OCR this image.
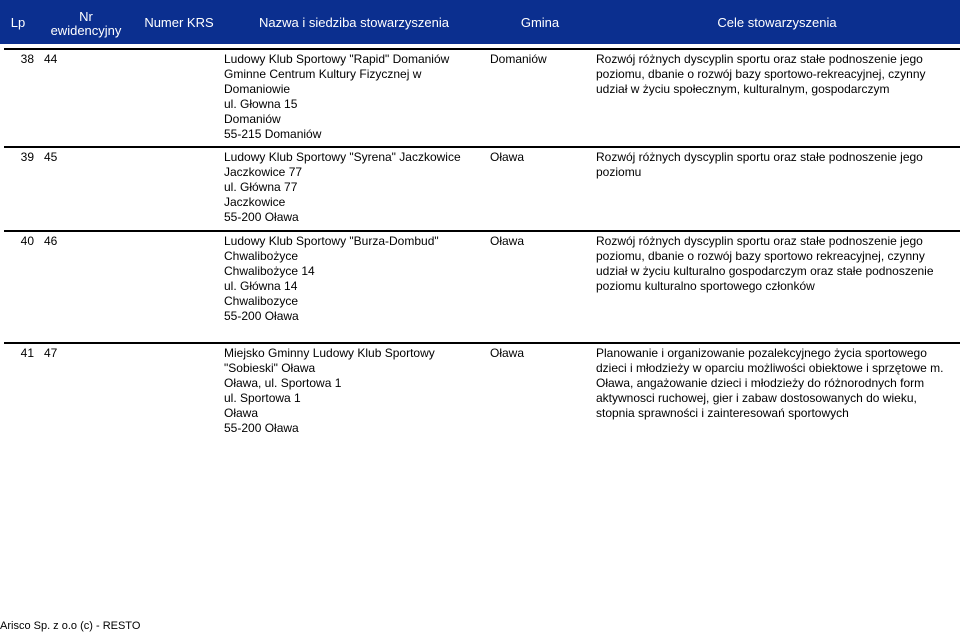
Lp	Nr
ewidencyjny
Numer KRS	Nazwa i siedziba stowarzyszenia	Gmina	Cele stowarzyszenia
38 44	Ludowy Klub Sportowy "Rapid" Domaniów
Gminne Centrum Kultury Fizycznej w
Domaniowie
ul. Głowna 15
Domaniów
55-215 Domaniów
Domaniów	Rozwój różnych dyscyplin sportu oraz stałe podnoszenie jego
poziomu, dbanie o rozwój bazy sportowo-rekreacyjnej, czynny
udział w życiu społecznym, kulturalnym, gospodarczym
39 45	Ludowy Klub Sportowy "Syrena" Jaczkowice
Jaczkowice 77
ul. Główna 77
Jaczkowice
55-200 Oława
Oława	Rozwój różnych dyscyplin sportu oraz stałe podnoszenie jego
poziomu
40 46	Ludowy Klub Sportowy "Burza-Dombud"
Chwalibożyce
Chwalibożyce 14
ul. Główna 14
Chwalibozyce
55-200 Oława
Oława	Rozwój różnych dyscyplin sportu oraz stałe podnoszenie jego
poziomu, dbanie o rozwój bazy sportowo rekreacyjnej, czynny
udział w życiu kulturalno gospodarczym oraz stałe podnoszenie
poziomu kulturalno sportowego członków
41 47	Miejsko Gminny Ludowy Klub Sportowy
"Sobieski" Oława
Oława, ul. Sportowa 1
ul. Sportowa 1
Oława
55-200 Oława
Oława	Planowanie i organizowanie pozalekcyjnego życia sportowego
dzieci i młodzieży w oparciu możliwości obiektowe i sprzętowe m.
Oława, angażowanie dzieci i młodzieży do różnorodnych form
aktywnosci ruchowej, gier i zabaw dostosowanych do wieku,
stopnia sprawności i zainteresowań sportowych
Arisco Sp. z o.o (c) - RESTO
